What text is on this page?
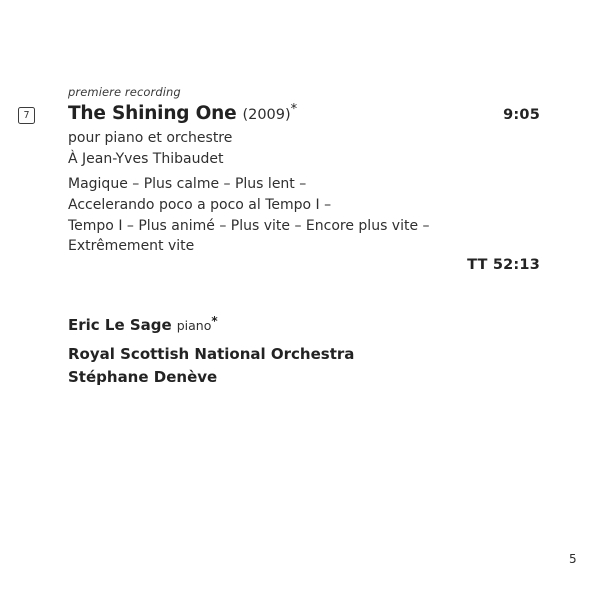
premiere recording
7 The Shining One (2009)*	9:05
pour piano et orchestre
À Jean-Yves Thibaudet
Magique – Plus calme – Plus lent –
Accelerando poco a poco al Tempo I –
Tempo I – Plus animé – Plus vite – Encore plus vite –
Extrêmement vite
TT 52:13
Eric Le Sage piano*
Royal Scottish National Orchestra
Stéphane Denève
5
